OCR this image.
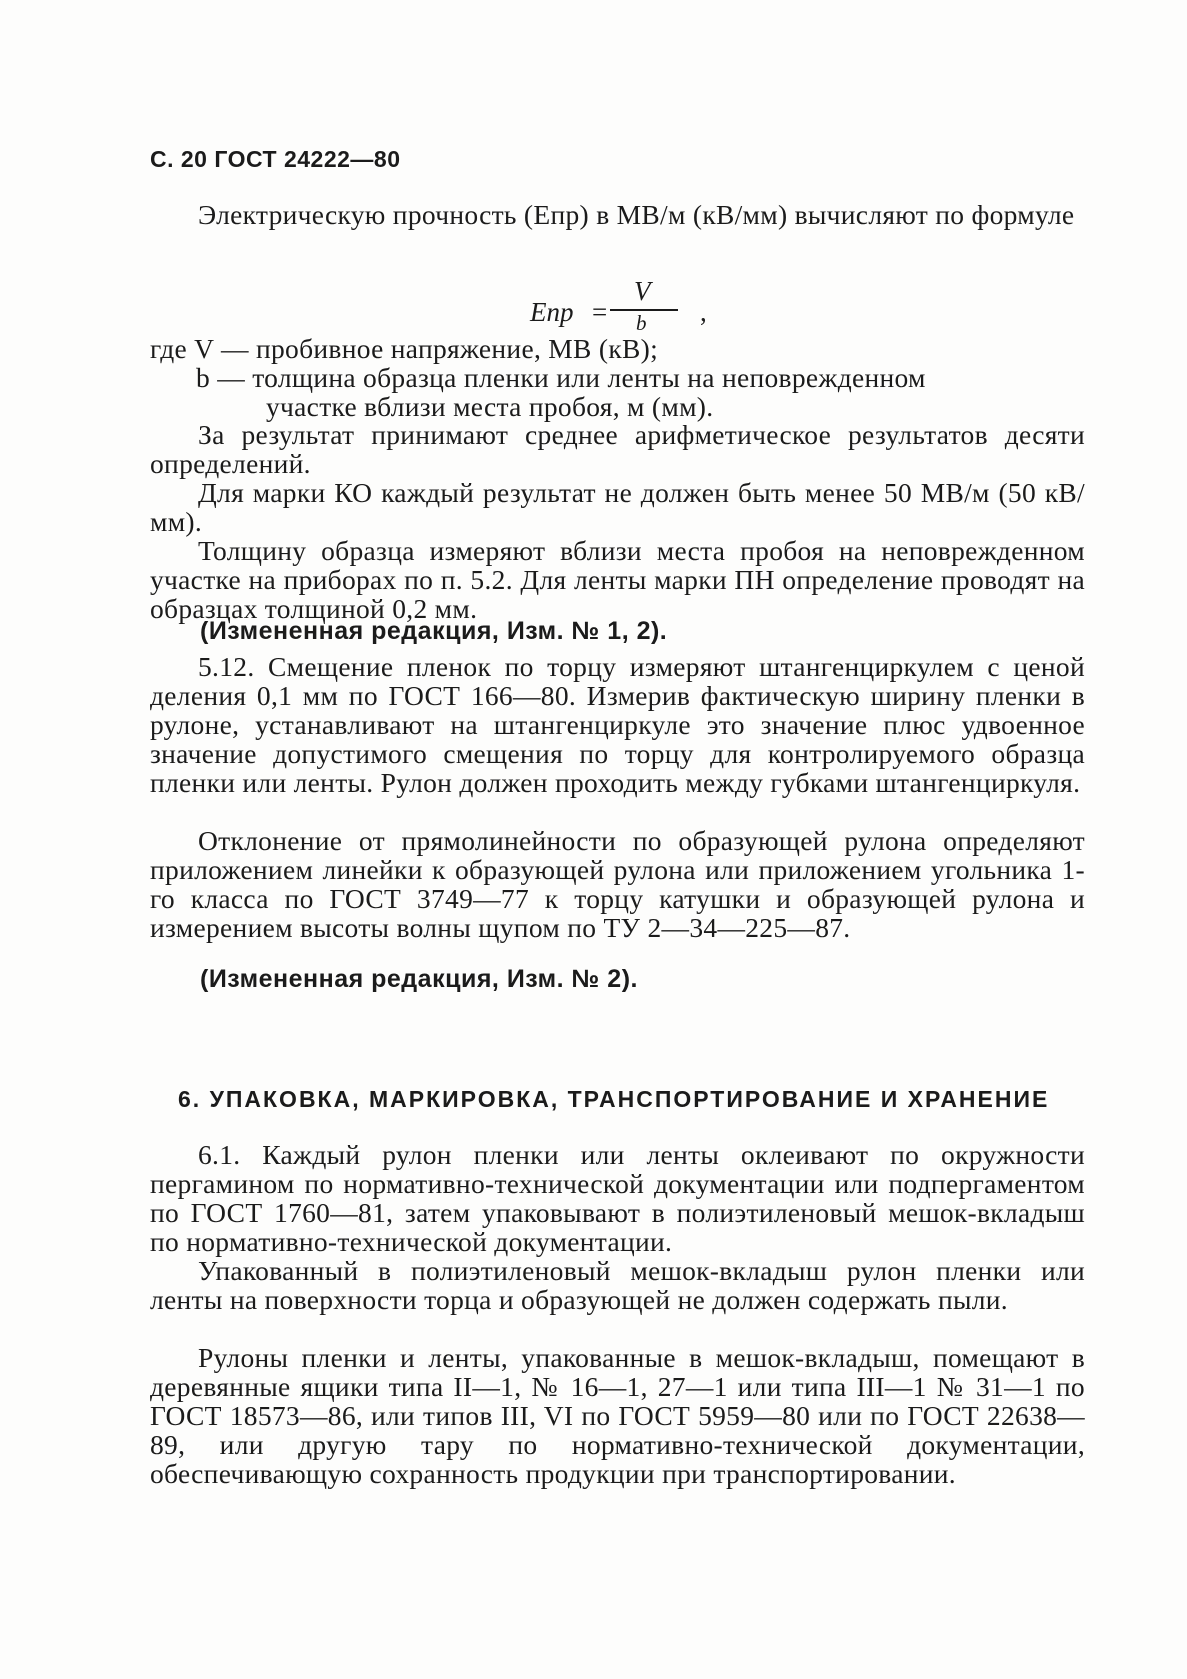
С. 20 ГОСТ 24222—80

Электрическую прочность (Eпр) в МВ/м (кВ/мм) вычисляют по формуле

Eпр =
V
b ,
где V — пробивное напряжение, МВ (кВ);
b — толщина образца пленки или ленты на неповрежденном
участке вблизи места пробоя, м (мм).

За результат принимают среднее арифметическое результатов десяти определений.

Для марки КО каждый результат не должен быть менее 50 МВ/м (50 кВ/мм).

Толщину образца измеряют вблизи места пробоя на неповрежденном участке на приборах по п. 5.2. Для ленты марки ПН определение проводят на образцах толщиной 0,2 мм.

(Измененная редакция, Изм. № 1, 2).

5.12. Смещение пленок по торцу измеряют штангенциркулем с ценой деления 0,1 мм по ГОСТ 166—80. Измерив фактическую ширину пленки в рулоне, устанавливают на штангенциркуле это значение плюс удвоенное значение допустимого смещения по торцу для контролируемого образца пленки или ленты. Рулон должен проходить между губками штангенциркуля.

Отклонение от прямолинейности по образующей рулона определяют приложением линейки к образующей рулона или приложением угольника 1-го класса по ГОСТ 3749—77 к торцу катушки и образующей рулона и измерением высоты волны щупом по ТУ 2—34—225—87.

(Измененная редакция, Изм. № 2).
6. УПАКОВКА, МАРКИРОВКА, ТРАНСПОРТИРОВАНИЕ И ХРАНЕНИЕ

6.1. Каждый рулон пленки или ленты оклеивают по окружности пергамином по нормативно-технической документации или подпергаментом по ГОСТ 1760—81, затем упаковывают в полиэтиленовый мешок-вкладыш по нормативно-технической документации.

Упакованный в полиэтиленовый мешок-вкладыш рулон пленки или ленты на поверхности торца и образующей не должен содержать пыли.

Рулоны пленки и ленты, упакованные в мешок-вкладыш, помещают в деревянные ящики типа II—1, № 16—1, 27—1 или типа III—1 № 31—1 по ГОСТ 18573—86, или типов III, VI по ГОСТ 5959—80 или по ГОСТ 22638—89, или другую тару по нормативно-технической документации, обеспечивающую сохранность продукции при транспортировании.
